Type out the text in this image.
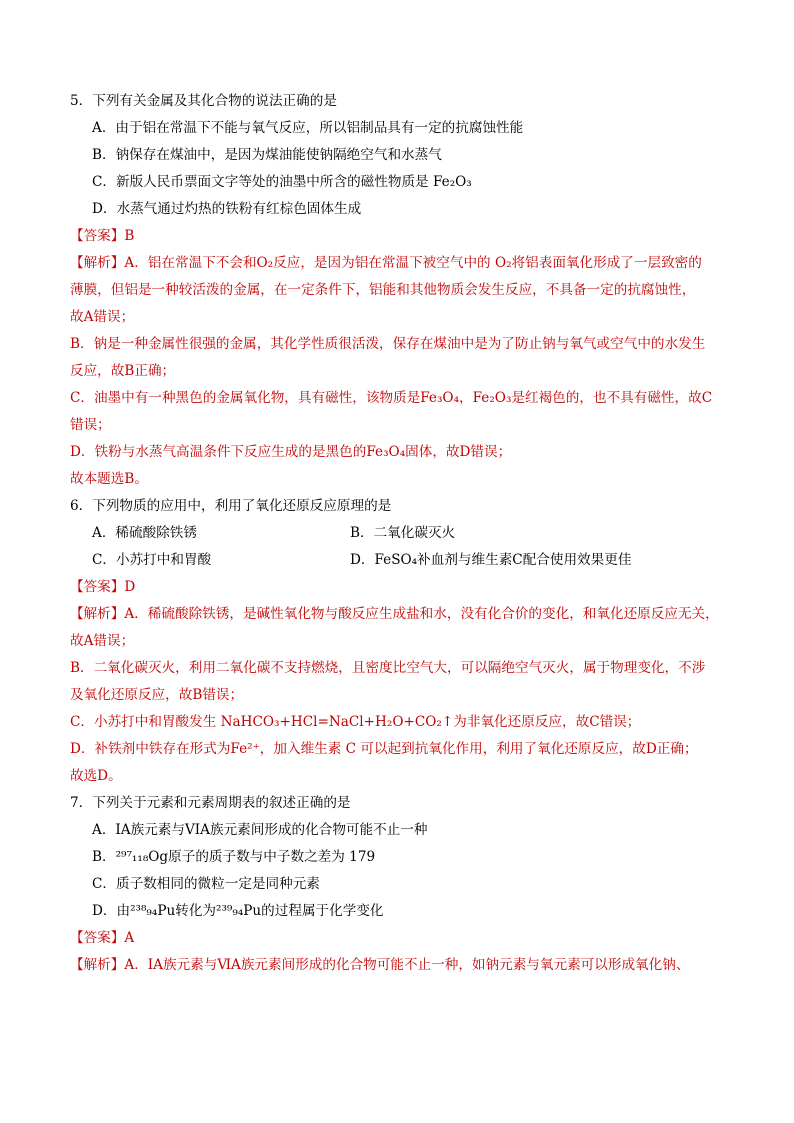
5．下列有关金属及其化合物的说法正确的是
A．由于铝在常温下不能与氧气反应，所以铝制品具有一定的抗腐蚀性能
B．钠保存在煤油中，是因为煤油能使钠隔绝空气和水蒸气
C．新版人民币票面文字等处的油墨中所含的磁性物质是 Fe₂O₃
D．水蒸气通过灼热的铁粉有红棕色固体生成
【答案】B
【解析】A．铝在常温下不会和O₂反应，是因为铝在常温下被空气中的 O₂将铝表面氧化形成了一层致密的
薄膜，但铝是一种较活泼的金属，在一定条件下，铝能和其他物质会发生反应，不具备一定的抗腐蚀性，
故A错误；
B．钠是一种金属性很强的金属，其化学性质很活泼，保存在煤油中是为了防止钠与氧气或空气中的水发生
反应，故B正确；
C．油墨中有一种黑色的金属氧化物，具有磁性，该物质是Fe₃O₄，Fe₂O₃是红褐色的，也不具有磁性，故C
错误；
D．铁粉与水蒸气高温条件下反应生成的是黑色的Fe₃O₄固体，故D错误；
故本题选B。
6．下列物质的应用中，利用了氧化还原反应原理的是
A．稀硫酸除铁锈	B．二氧化碳灭火
C．小苏打中和胃酸	D．FeSO₄补血剂与维生素C配合使用效果更佳
【答案】D
【解析】A．稀硫酸除铁锈，是碱性氧化物与酸反应生成盐和水，没有化合价的变化，和氧化还原反应无关，
故A错误；
B．二氧化碳灭火，利用二氧化碳不支持燃烧，且密度比空气大，可以隔绝空气灭火，属于物理变化，不涉
及氧化还原反应，故B错误；
C．小苏打中和胃酸发生 NaHCO₃+HCl=NaCl+H₂O+CO₂↑为非氧化还原反应，故C错误；
D．补铁剂中铁存在形式为Fe²⁺，加入维生素 C 可以起到抗氧化作用，利用了氧化还原反应，故D正确；
故选D。
7．下列关于元素和元素周期表的叙述正确的是
A．IA族元素与VIA族元素间形成的化合物可能不止一种
B．²⁹⁷₁₁₈Og原子的质子数与中子数之差为 179
C．质子数相同的微粒一定是同种元素
D．由²³⁸₉₄Pu转化为²³⁹₉₄Pu的过程属于化学变化
【答案】A
【解析】A．ⅠA族元素与ⅥA族元素间形成的化合物可能不止一种，如钠元素与氧元素可以形成氧化钠、
